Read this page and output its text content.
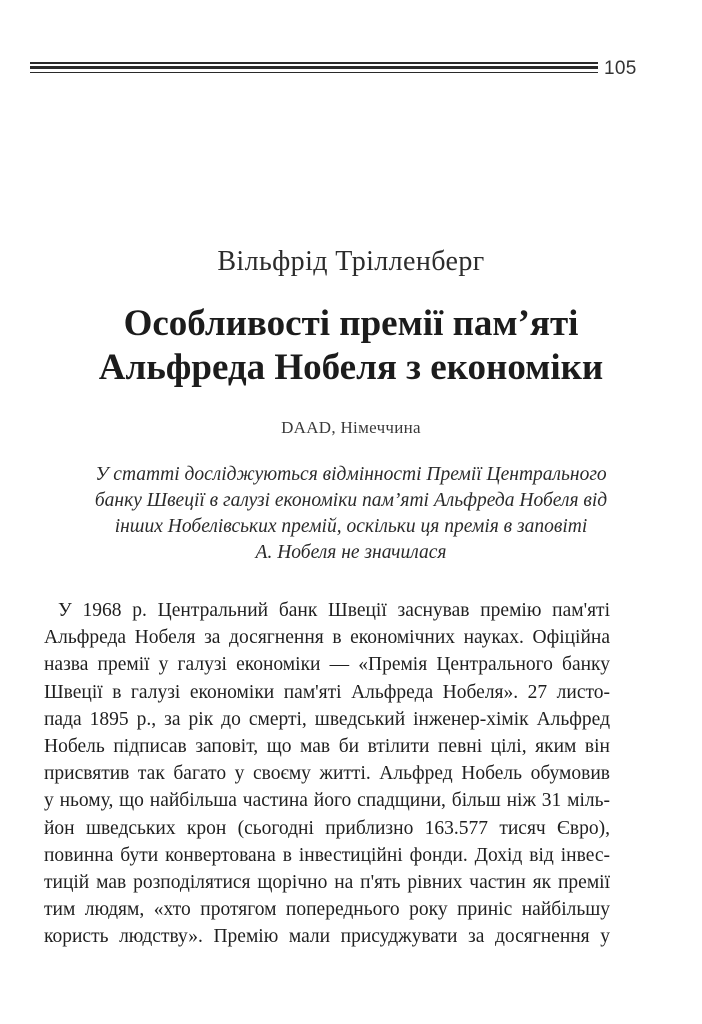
105
Вільфрід Трілленберг
Особливості премії пам’яті
Альфреда Нобеля з економіки
DAAD, Німеччина
У статті досліджуються відмінності Премії Центрального
банку Швеції в галузі економіки пам’яті Альфреда Нобеля від
інших Нобелівських премій, оскільки ця премія в заповіті
А. Нобеля не значилася
У 1968 р. Центральний банк Швеції заснував премію пам'яті
Альфреда Нобеля за досягнення в економічних науках. Офіційна
назва премії у галузі економіки — «Премія Центрального банку
Швеції в галузі економіки пам'яті Альфреда Нобеля». 27 листо-
пада 1895 р., за рік до смерті, шведський інженер-хімік Альфред
Нобель підписав заповіт, що мав би втілити певні цілі, яким він
присвятив так багато у своєму житті. Альфред Нобель обумовив
у ньому, що найбільша частина його спадщини, більш ніж 31 міль-
йон шведських крон (сьогодні приблизно 163.577 тисяч Євро),
повинна бути конвертована в інвестиційні фонди. Дохід від інвес-
тицій мав розподілятися щорічно на п'ять рівних частин як премії
тим людям, «хто протягом попереднього року приніс найбільшу
користь людству». Премію мали присуджувати за досягнення у
